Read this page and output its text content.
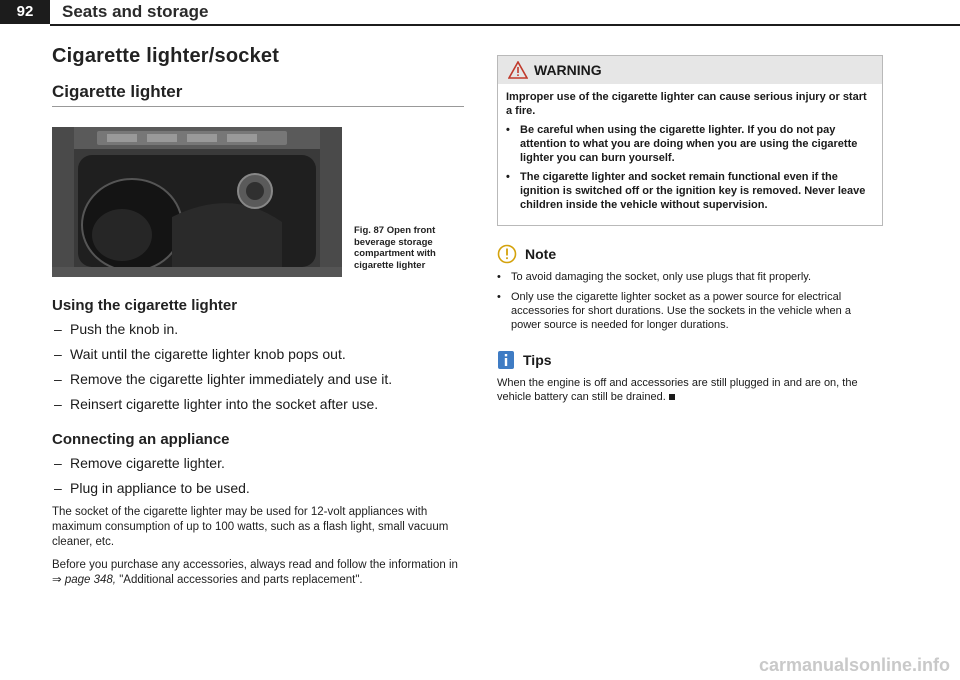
92	Seats and storage
Cigarette lighter/socket
Cigarette lighter
Fig. 87 Open front beverage storage compartment with cigarette lighter
Using the cigarette lighter
– Push the knob in.
– Wait until the cigarette lighter knob pops out.
– Remove the cigarette lighter immediately and use it.
– Reinsert cigarette lighter into the socket after use.
Connecting an appliance
– Remove cigarette lighter.
– Plug in appliance to be used.

The socket of the cigarette lighter may be used for 12-volt appliances with maximum consumption of up to 100 watts, such as a flash light, small vacuum cleaner, etc.

Before you purchase any accessories, always read and follow the information in ⇒ page 348, "Additional accessories and parts replacement".

WARNING

Improper use of the cigarette lighter can cause serious injury or start a fire.

• Be careful when using the cigarette lighter. If you do not pay attention to what you are doing when you are using the cigarette lighter you can burn yourself.

• The cigarette lighter and socket remain functional even if the ignition is switched off or the ignition key is removed. Never leave children inside the vehicle without supervision.

Note

• To avoid damaging the socket, only use plugs that fit properly.

• Only use the cigarette lighter socket as a power source for electrical accessories for short durations. Use the sockets in the vehicle when a power source is needed for longer durations.

Tips

When the engine is off and accessories are still plugged in and are on, the vehicle battery can still be drained.

carmanualsonline.info
